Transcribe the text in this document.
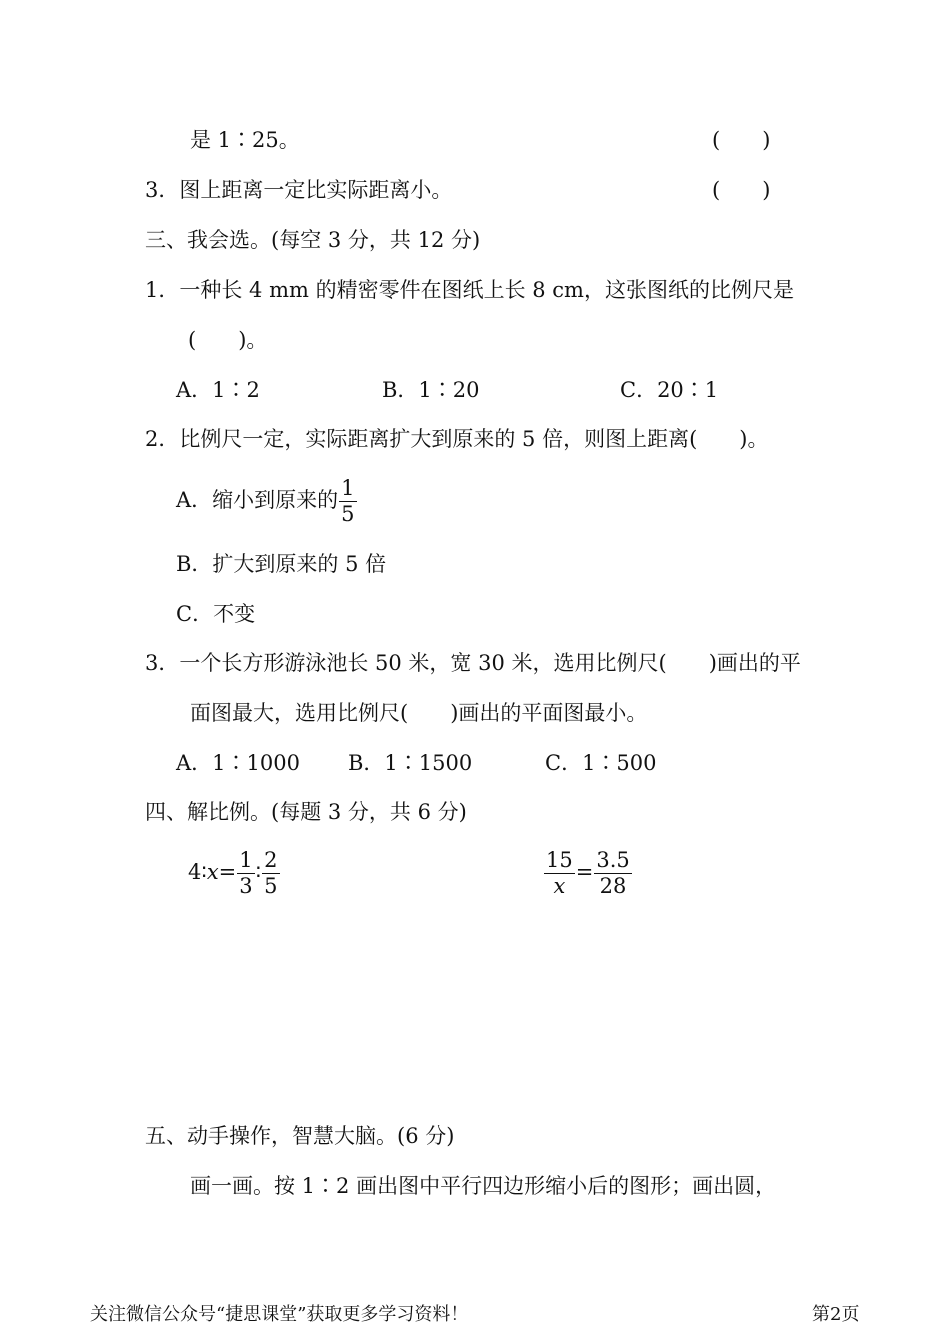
是 1∶25。	(　　)
3．图上距离一定比实际距离小。	(　　)
三、我会选。(每空 3 分，共 12 分)
1．一种长 4 mm 的精密零件在图纸上长 8 cm，这张图纸的比例尺是
(　　)。
A．1∶2	B．1∶20	C．20∶1
2．比例尺一定，实际距离扩大到原来的 5 倍，则图上距离(　　)。
A．缩小到原来的 $\frac{1}{5}$
B．扩大到原来的 5 倍
C．不变
3．一个长方形游泳池长 50 米，宽 30 米，选用比例尺(　　)画出的平
面图最大，选用比例尺(　　)画出的平面图最小。
A．1∶1000 B．1∶1500	C．1∶500
四、解比例。(每题 3 分，共 6 分)
4∶x= $\frac{1}{3}$ ∶ $\frac{2}{5}$	$\frac{15}{x} = \frac{3.5}{28}$
五、动手操作，智慧大脑。(6 分)
画一画。按 1∶2 画出图中平行四边形缩小后的图形；画出圆，
关注微信公众号“捷思课堂”获取更多学习资料！	第2页
